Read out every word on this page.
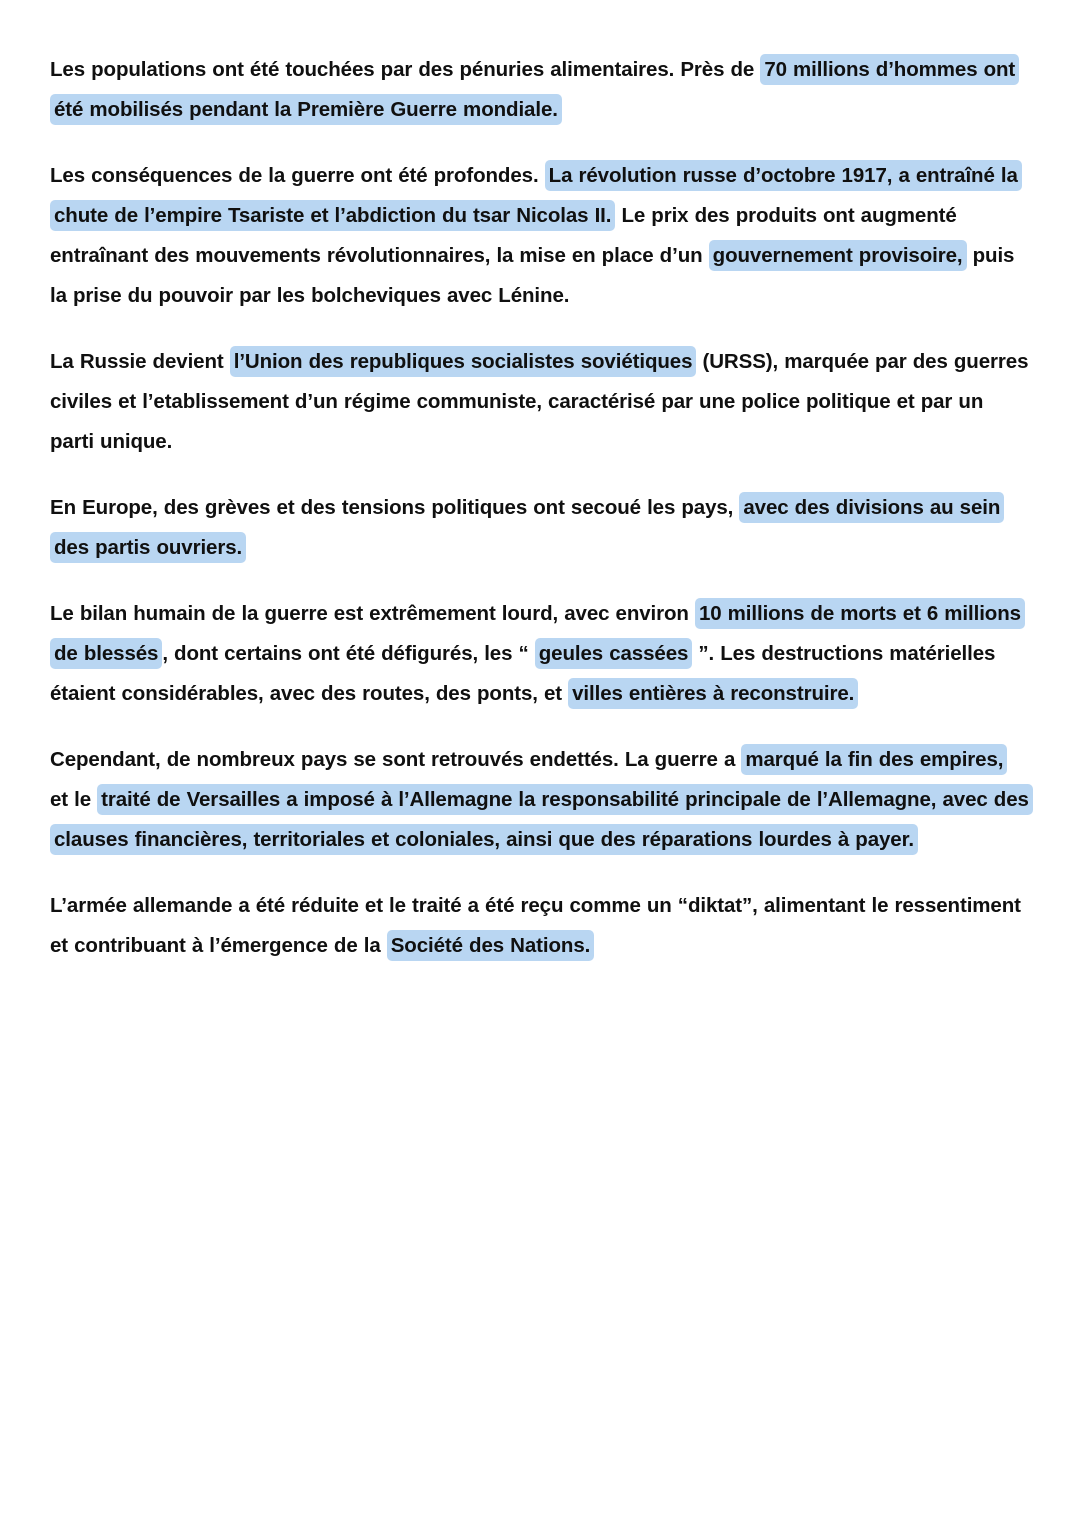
Les populations ont été touchées par des pénuries alimentaires. Près de 70 millions d’hommes ont été mobilisés pendant la Première Guerre mondiale.

Les conséquences de la guerre ont été profondes. La révolution russe d’octobre 1917, a entraîné la chute de l’empire Tsariste et l’abdiction du tsar Nicolas II. Le prix des produits ont augmenté entraînant des mouvements révolutionnaires, la mise en place d’un gouvernement provisoire, puis la prise du pouvoir par les bolcheviques avec Lénine.

La Russie devient l’Union des republiques socialistes soviétiques (URSS), marquée par des guerres civiles et l’etablissement d’un régime communiste, caractérisé par une police politique et par un parti unique.

En Europe, des grèves et des tensions politiques ont secoué les pays, avec des divisions au sein des partis ouvriers.

Le bilan humain de la guerre est extrêmement lourd, avec environ 10 millions de morts et 6 millions de blessés , dont certains ont été défigurés, les “ geules cassées ”. Les destructions matérielles étaient considérables, avec des routes, des ponts, et villes entières à reconstruire.

Cependant, de nombreux pays se sont retrouvés endettés. La guerre a marqué la fin des empires, et le traité de Versailles a imposé à l’Allemagne la responsabilité principale de l’Allemagne, avec des clauses financières, territoriales et coloniales, ainsi que des réparations lourdes à payer.

L’armée allemande a été réduite et le traité a été reçu comme un “diktat”, alimentant le ressentiment et contribuant à l’émergence de la Société des Nations.
